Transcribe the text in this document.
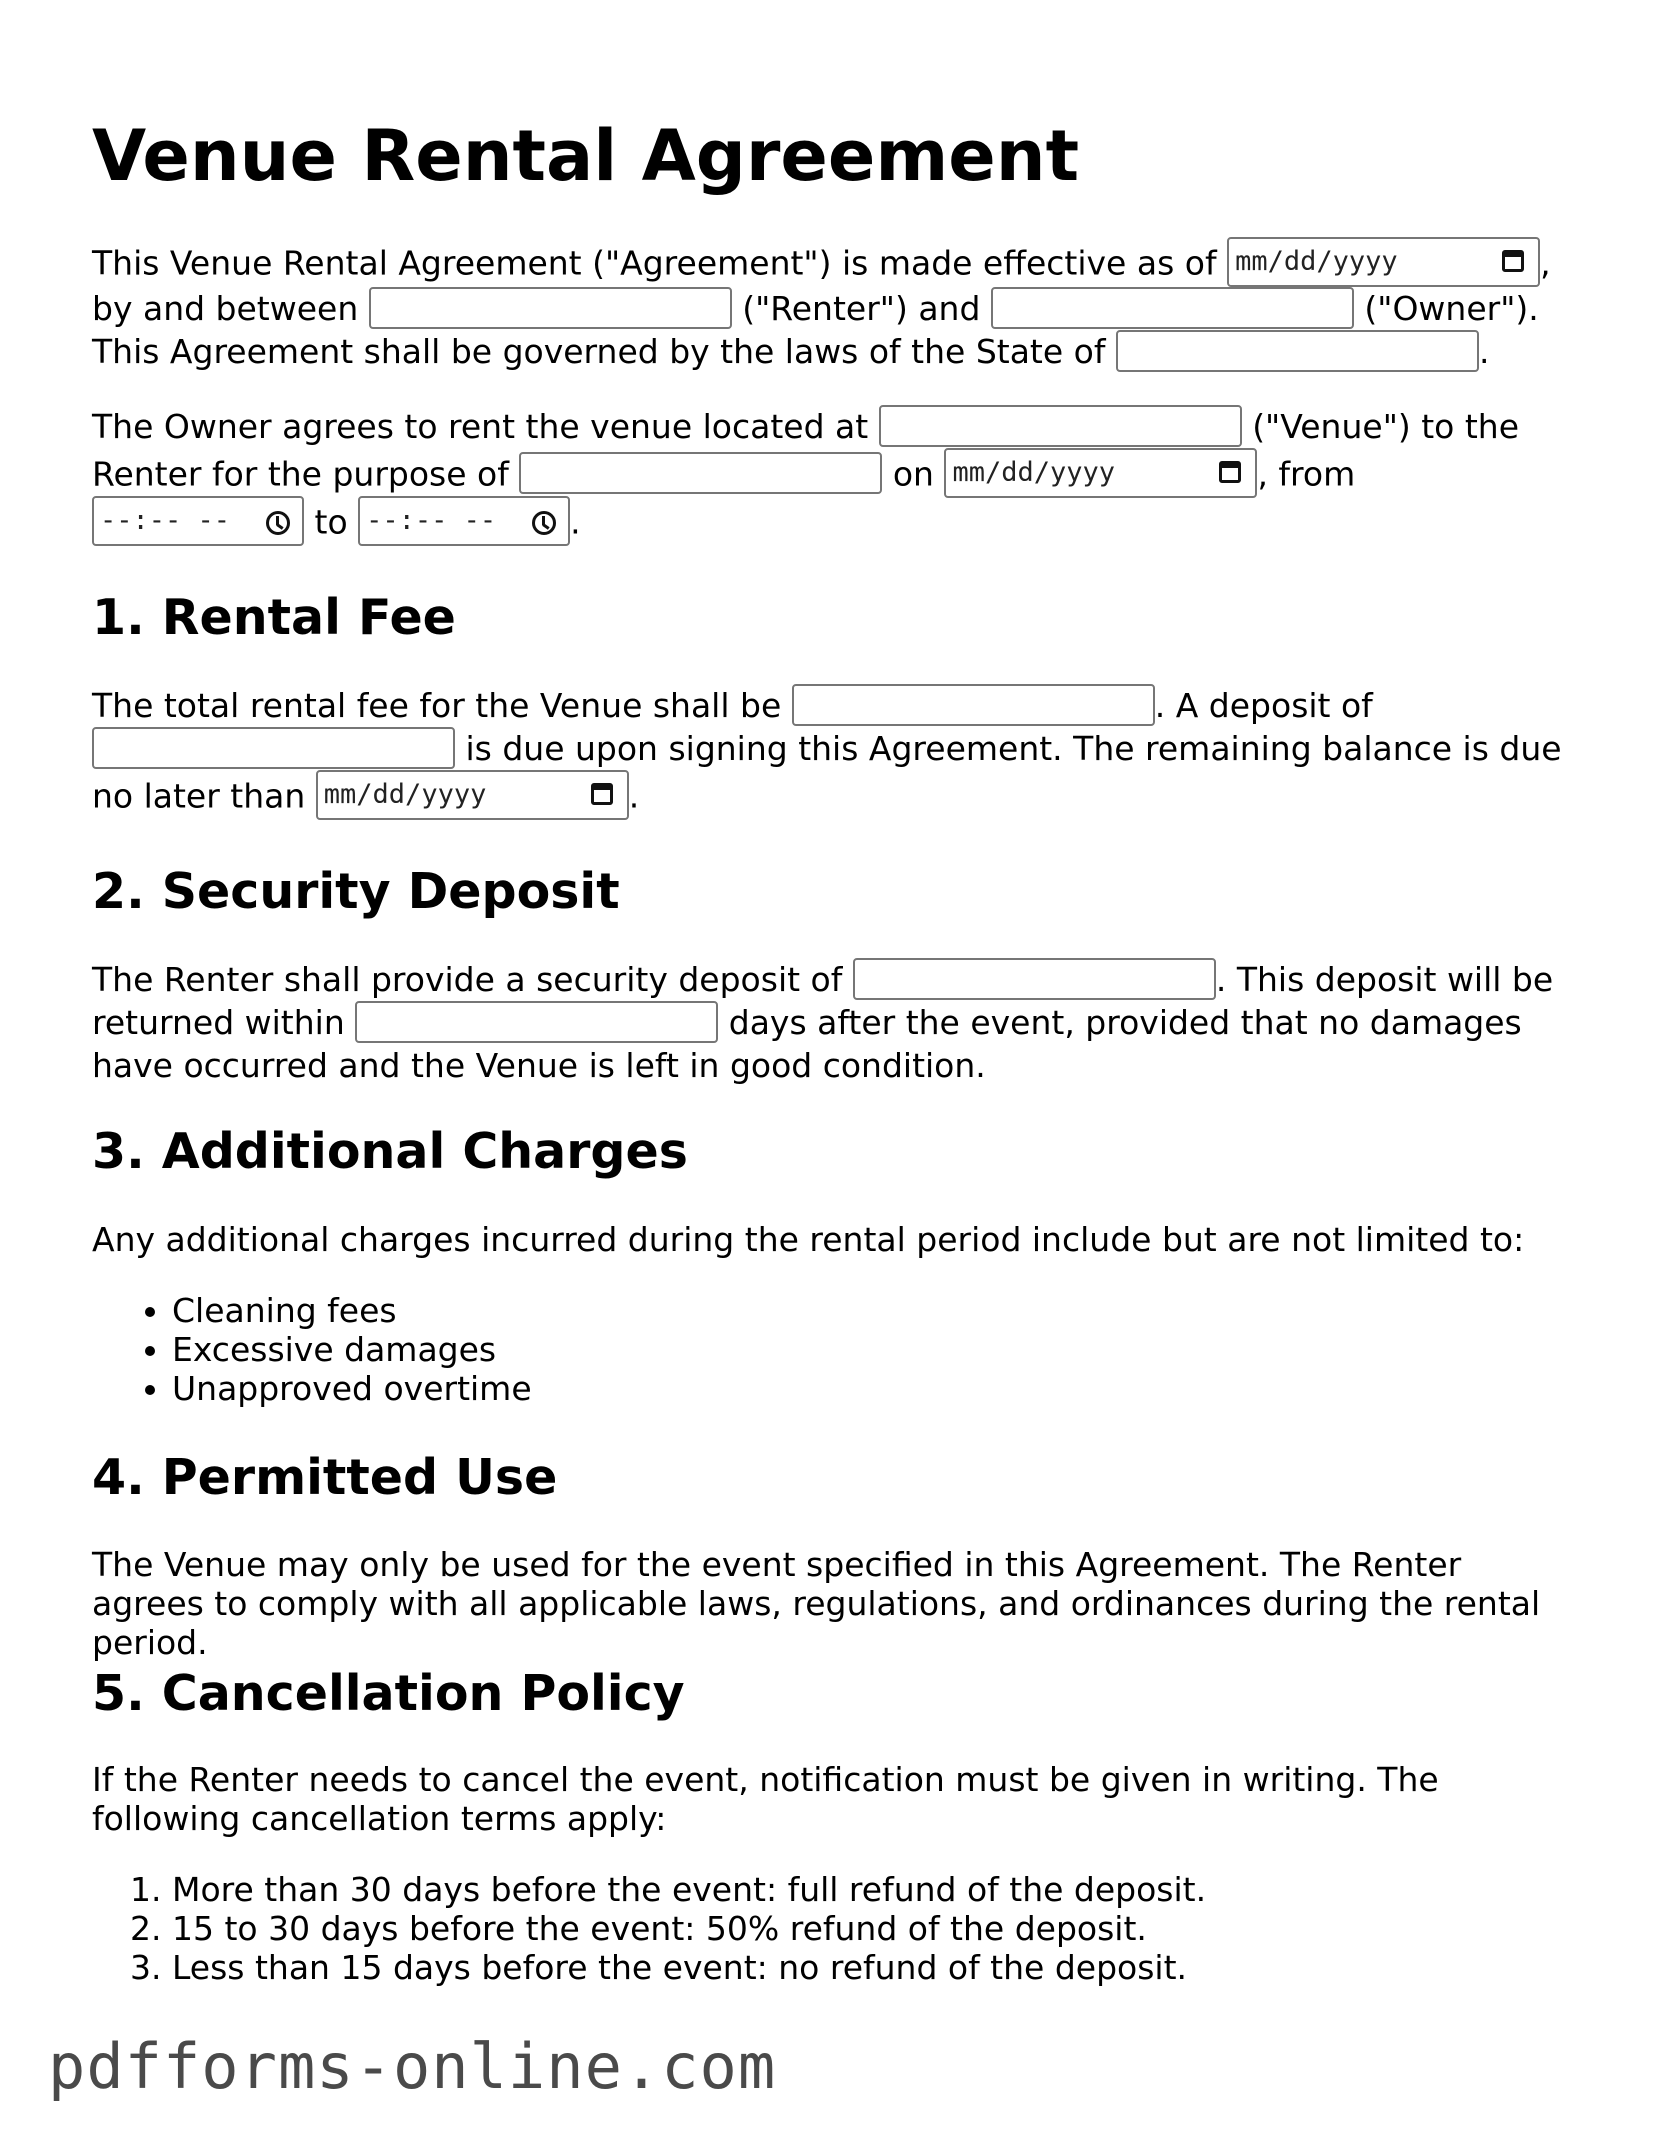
Venue Rental Agreement
This Venue Rental Agreement ("Agreement") is made effective as of mm/dd/yyyy	,
by and between	("Renter") and	("Owner").
This Agreement shall be governed by the laws of the State of	.
The Owner agrees to rent the venue located at	("Venue") to the
Renter for the purpose of	on mm/dd/yyyy	, from
--:-- --	to --:-- -- .
1. Rental Fee
The total rental fee for the Venue shall be	. A deposit of
is due upon signing this Agreement. The remaining balance is due
no later than mm/dd/yyyy	.
2. Security Deposit
The Renter shall provide a security deposit of	. This deposit will be
returned within	days after the event, provided that no damages
have occurred and the Venue is left in good condition.
3. Additional Charges
Any additional charges incurred during the rental period include but are not limited to:
• Cleaning fees
• Excessive damages
• Unapproved overtime
4. Permitted Use
The Venue may only be used for the event specified in this Agreement. The Renter agrees to comply with all applicable laws, regulations, and ordinances during the rental period.
5. Cancellation Policy
If the Renter needs to cancel the event, notification must be given in writing. The following cancellation terms apply:
1. More than 30 days before the event: full refund of the deposit.
2. 15 to 30 days before the event: 50% refund of the deposit.
3. Less than 15 days before the event: no refund of the deposit.
pdfforms-online.com
